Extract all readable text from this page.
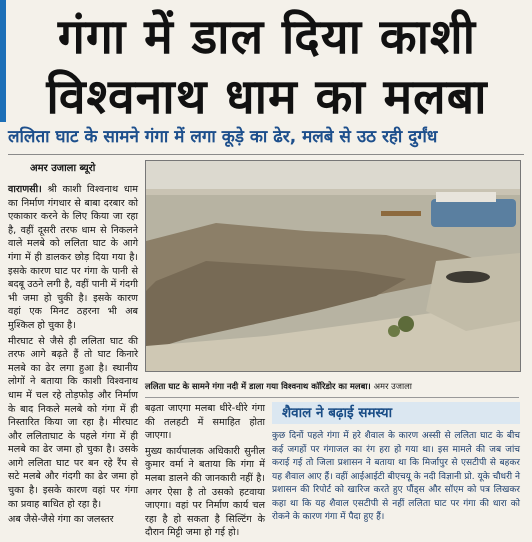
गंगा में डाल दिया काशी
विश्वनाथ धाम का मलबा
ललिता घाट के सामने गंगा में लगा कूड़े का ढेर, मलबे से उठ रही दुर्गंध
अमर उजाला ब्यूरो

वाराणसी। श्री काशी विश्वनाथ धाम का निर्माण गंगधार से बाबा दरबार को एकाकार करने के लिए किया जा रहा है, वहीं दूसरी तरफ धाम से निकलने वाले मलबे को ललिता घाट के आगे गंगा में ही डालकर छोड़ दिया गया है। इसके कारण घाट पर गंगा के पानी से बदबू उठने लगी है, वहीं पानी में गंदगी भी जमा हो चुकी है। इसके कारण वहां एक मिनट ठहरना भी अब मुश्किल हो चुका है।

मीरघाट से जैसे ही ललिता घाट की तरफ आगे बढ़ते हैं तो घाट किनारे मलबे का ढेर लगा हुआ है। स्थानीय लोगों ने बताया कि काशी विश्वनाथ धाम में चल रहे तोड़फोड़ और निर्माण के बाद निकले मलबे को गंगा में ही निस्तारित किया जा रहा है। मीरघाट और ललिताघाट के पहले गंगा में ही मलबे का ढेर जमा हो चुका है। उसके आगे ललिता घाट पर बन रहे रैंप से सटे मलबे और गंदगी का ढेर जमा हो चुका है। इसके कारण वहां पर गंगा का प्रवाह बाधित हो रहा है।

अब जैसे-जैसे गंगा का जलस्तर

ललिता घाट के सामने गंगा नदी में डाला गया विश्वनाथ कॉरिडोर का मलबा। अमर उजाला

बढ़ता जाएगा मलबा धीरे-धीरे गंगा की तलहटी में समाहित होता जाएगा।

मुख्य कार्यपालक अधिकारी सुनील कुमार वर्मा ने बताया कि गंगा में मलबा डालने की जानकारी नहीं है। अगर ऐसा है तो उसको हटवाया जाएगा। वहां पर निर्माण कार्य चल रहा है हो सकता है सिल्टिंग के दौरान मिट्टी जमा हो गई हो।

शैवाल ने बढ़ाई समस्या
कुछ दिनों पहले गंगा में हरे शैवाल के कारण अस्सी से ललिता घाट के बीच कई जगहों पर गंगाजल का रंग हरा हो गया था। इस मामले की जब जांच कराई गई तो जिला प्रशासन ने बताया था कि मिर्जापुर से एसटीपी से बहकर यह शैवाल आए हैं। वहीं आईआईटी बीएचयू के नदी विज्ञानी प्रो. यूके चौधरी ने प्रशासन की रिपोर्ट को खारिज करते हुए पौंड्स और सॉएम को पत्र लिखकर कहा था कि यह शैवाल एसटीपी से नहीं ललिता घाट पर गंगा की धारा को रोकने के कारण गंगा में पैदा हुए हैं।
